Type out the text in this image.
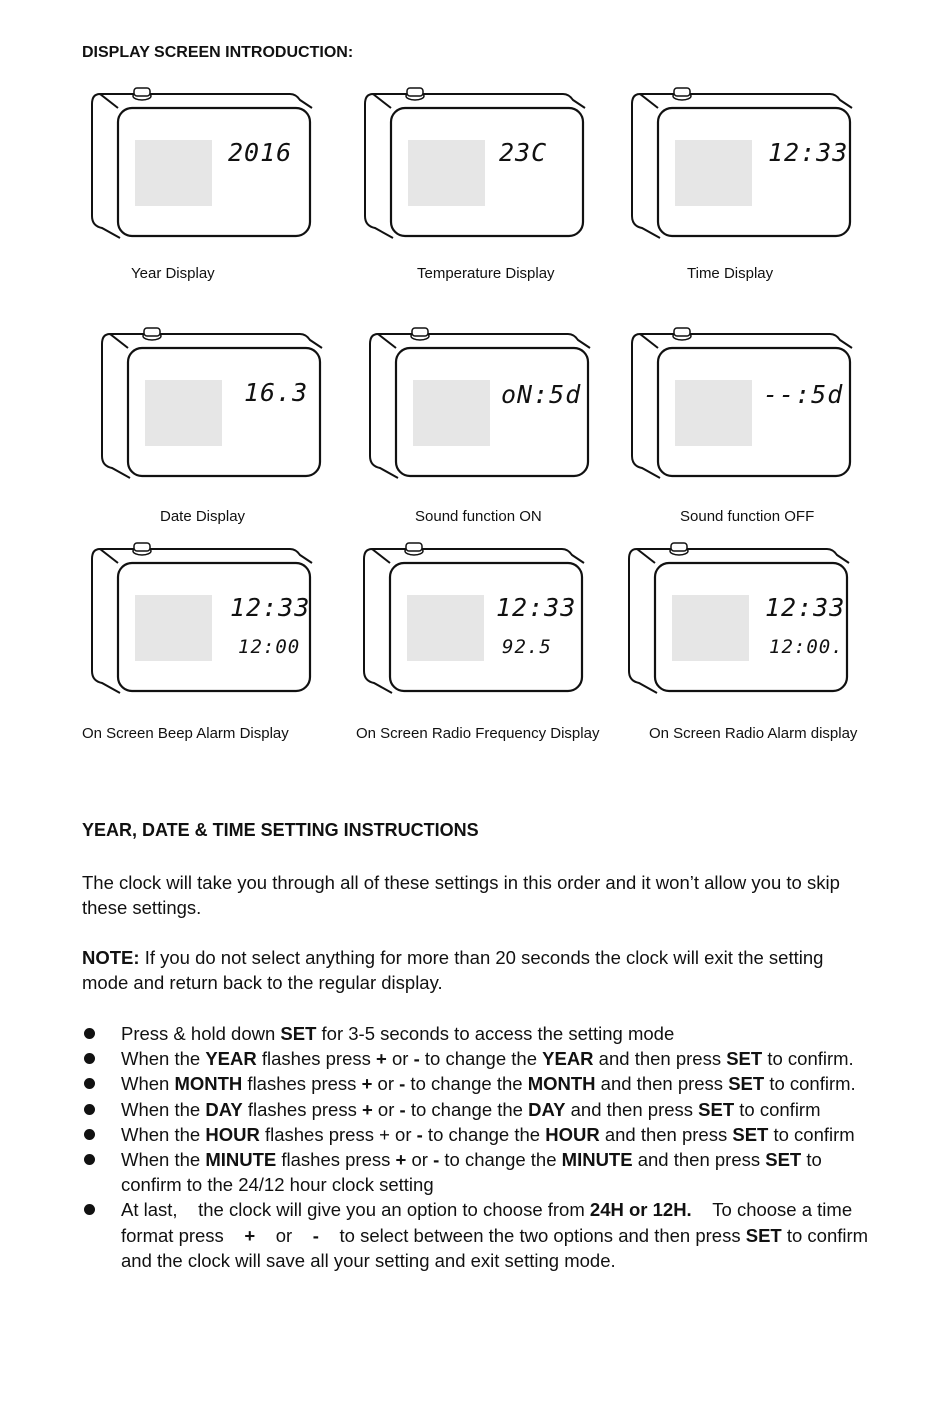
DISPLAY SCREEN INTRODUCTION:
2016
Year Display
23C
Temperature Display
12:33
Time Display
16.3
Date Display
oN:5d
Sound function ON
--:5d
Sound function OFF
12:33
12:00
On Screen Beep Alarm Display
12:33
92.5
On Screen Radio Frequency Display
12:33
12:00.
On Screen Radio Alarm display
YEAR, DATE & TIME SETTING INSTRUCTIONS

The clock will take you through all of these settings in this order and it won’t allow you to skip these settings.

NOTE: If you do not select anything for more than 20 seconds the clock will exit the setting mode and return back to the regular display.

Press & hold down SET for 3-5 seconds to access the setting mode
When the YEAR flashes press + or - to change the YEAR and then press SET to confirm.
When MONTH flashes press + or - to change the MONTH and then press SET to confirm.
When the DAY flashes press + or - to change the DAY and then press SET to confirm
When the HOUR flashes press + or - to change the HOUR and then press SET to confirm
When the MINUTE flashes press + or - to change the MINUTE and then press SET to confirm to the 24/12 hour clock setting
At last,    the clock will give you an option to choose from 24H or 12H.    To choose a time format press    +    or    -    to select between the two options and then press SET to confirm and the clock will save all your setting and exit setting mode.
